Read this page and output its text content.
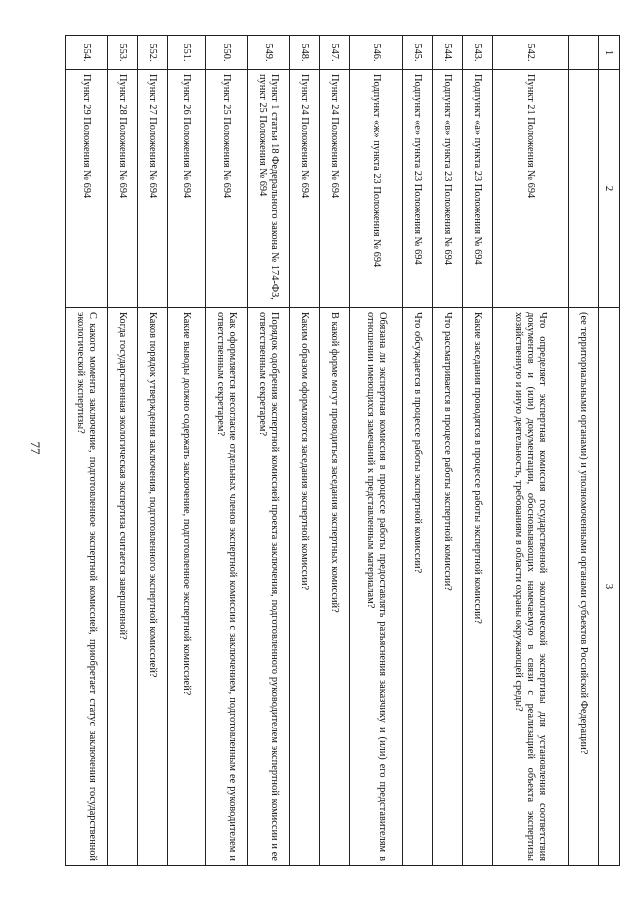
77
1	2	3
		(ее территориальными органами) и уполномоченными органами субъектов Российской Федерации?
542.	Пункт 21 Положения № 694	Что определяет экспертная комиссия государственной экологической экспертизы для установления соответствия документов и (или) документации, обосновывающих намечаемую в связи с реализацией объекта экспертизы хозяйственную и иную деятельность, требованиям в области охраны окружающей среды?
543.	Подпункт «а» пункта 23 Положения № 694	Какие заседания проводятся в процессе работы экспертной комиссии?
544.	Подпункт «в» пункта 23 Положения № 694	Что рассматривается в процессе работы экспертной комиссии?
545.	Подпункт «е» пункта 23 Положения № 694	Что обсуждается в процессе работы экспертной комиссии?
546.	Подпункт «ж» пункта 23 Положения № 694	Обязана ли экспертная комиссия в процессе работы предоставлять разъяснения заказчику и (или) его представителям в отношении имеющихся замечаний к представленным материалам?
547.	Пункт 24 Положения № 694	В какой форме могут проводиться заседания экспертных комиссий?
548.	Пункт 24 Положения № 694	Каким образом оформляются заседания экспертной комиссии?
549.	Пункт 1 статьи 18 Федерального закона № 174-ФЗ, пункт 25 Положения № 694	Порядок одобрения экспертной комиссией проекта заключения, подготовленного руководителем экспертной комиссии и ее ответственным секретарем?
550.	Пункт 25 Положения № 694	Как оформляется несогласие отдельных членов экспертной комиссии с заключением, подготовленным ее руководителем и ответственным секретарем?
551.	Пункт 26 Положения № 694	Какие выводы должно содержать заключение, подготовленное экспертной комиссией?
552.	Пункт 27 Положения № 694	Каков порядок утверждения заключения, подготовленного экспертной комиссией?
553.	Пункт 28 Положения № 694	Когда государственная экологическая экспертиза считается завершенной?
554.	Пункт 29 Положения № 694	С какого момента заключение, подготовленное экспертной комиссией, приобретает статус заключения государственной экологической экспертизы?
